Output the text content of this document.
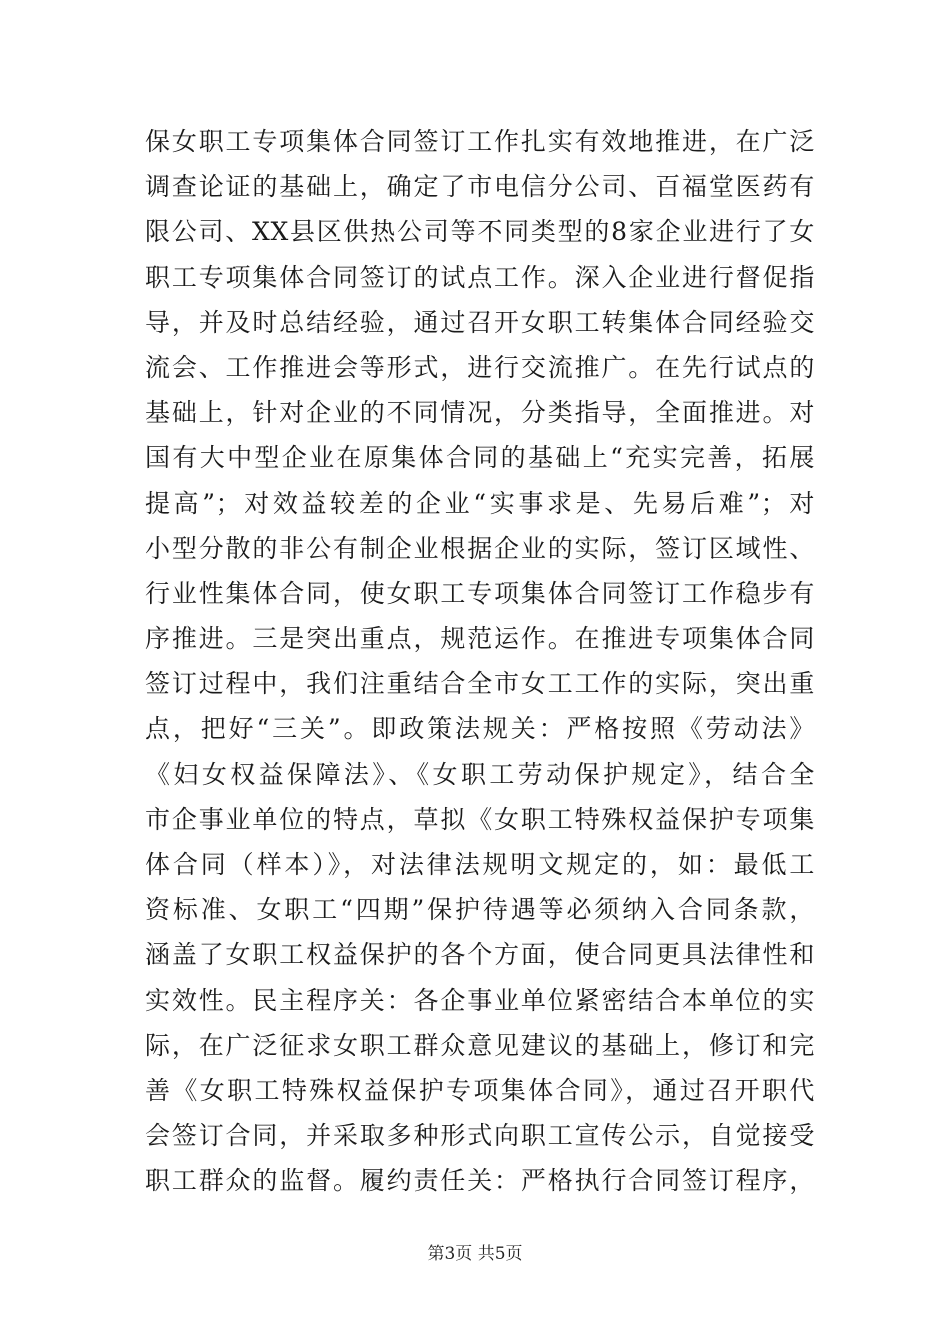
保女职工专项集体合同签订工作扎实有效地推进，在广泛
调查论证的基础上，确定了市电信分公司、百福堂医药有
限公司、XX县区供热公司等不同类型的8家企业进行了女
职工专项集体合同签订的试点工作。深入企业进行督促指
导，并及时总结经验，通过召开女职工转集体合同经验交
流会、工作推进会等形式，进行交流推广。在先行试点的
基础上，针对企业的不同情况，分类指导，全面推进。对
国有大中型企业在原集体合同的基础上“充实完善，拓展
提高”；对效益较差的企业“实事求是、先易后难”；对
小型分散的非公有制企业根据企业的实际，签订区域性、
行业性集体合同，使女职工专项集体合同签订工作稳步有
序推进。三是突出重点，规范运作。在推进专项集体合同
签订过程中，我们注重结合全市女工工作的实际，突出重
点，把好“三关”。即政策法规关：严格按照《劳动法》
《妇女权益保障法》、《女职工劳动保护规定》，结合全
市企事业单位的特点，草拟《女职工特殊权益保护专项集
体合同（样本）》，对法律法规明文规定的，如：最低工
资标准、女职工“四期”保护待遇等必须纳入合同条款，
涵盖了女职工权益保护的各个方面，使合同更具法律性和
实效性。民主程序关：各企事业单位紧密结合本单位的实
际，在广泛征求女职工群众意见建议的基础上，修订和完
善《女职工特殊权益保护专项集体合同》，通过召开职代
会签订合同，并采取多种形式向职工宣传公示，自觉接受
职工群众的监督。履约责任关：严格执行合同签订程序，
第3页 共5页
